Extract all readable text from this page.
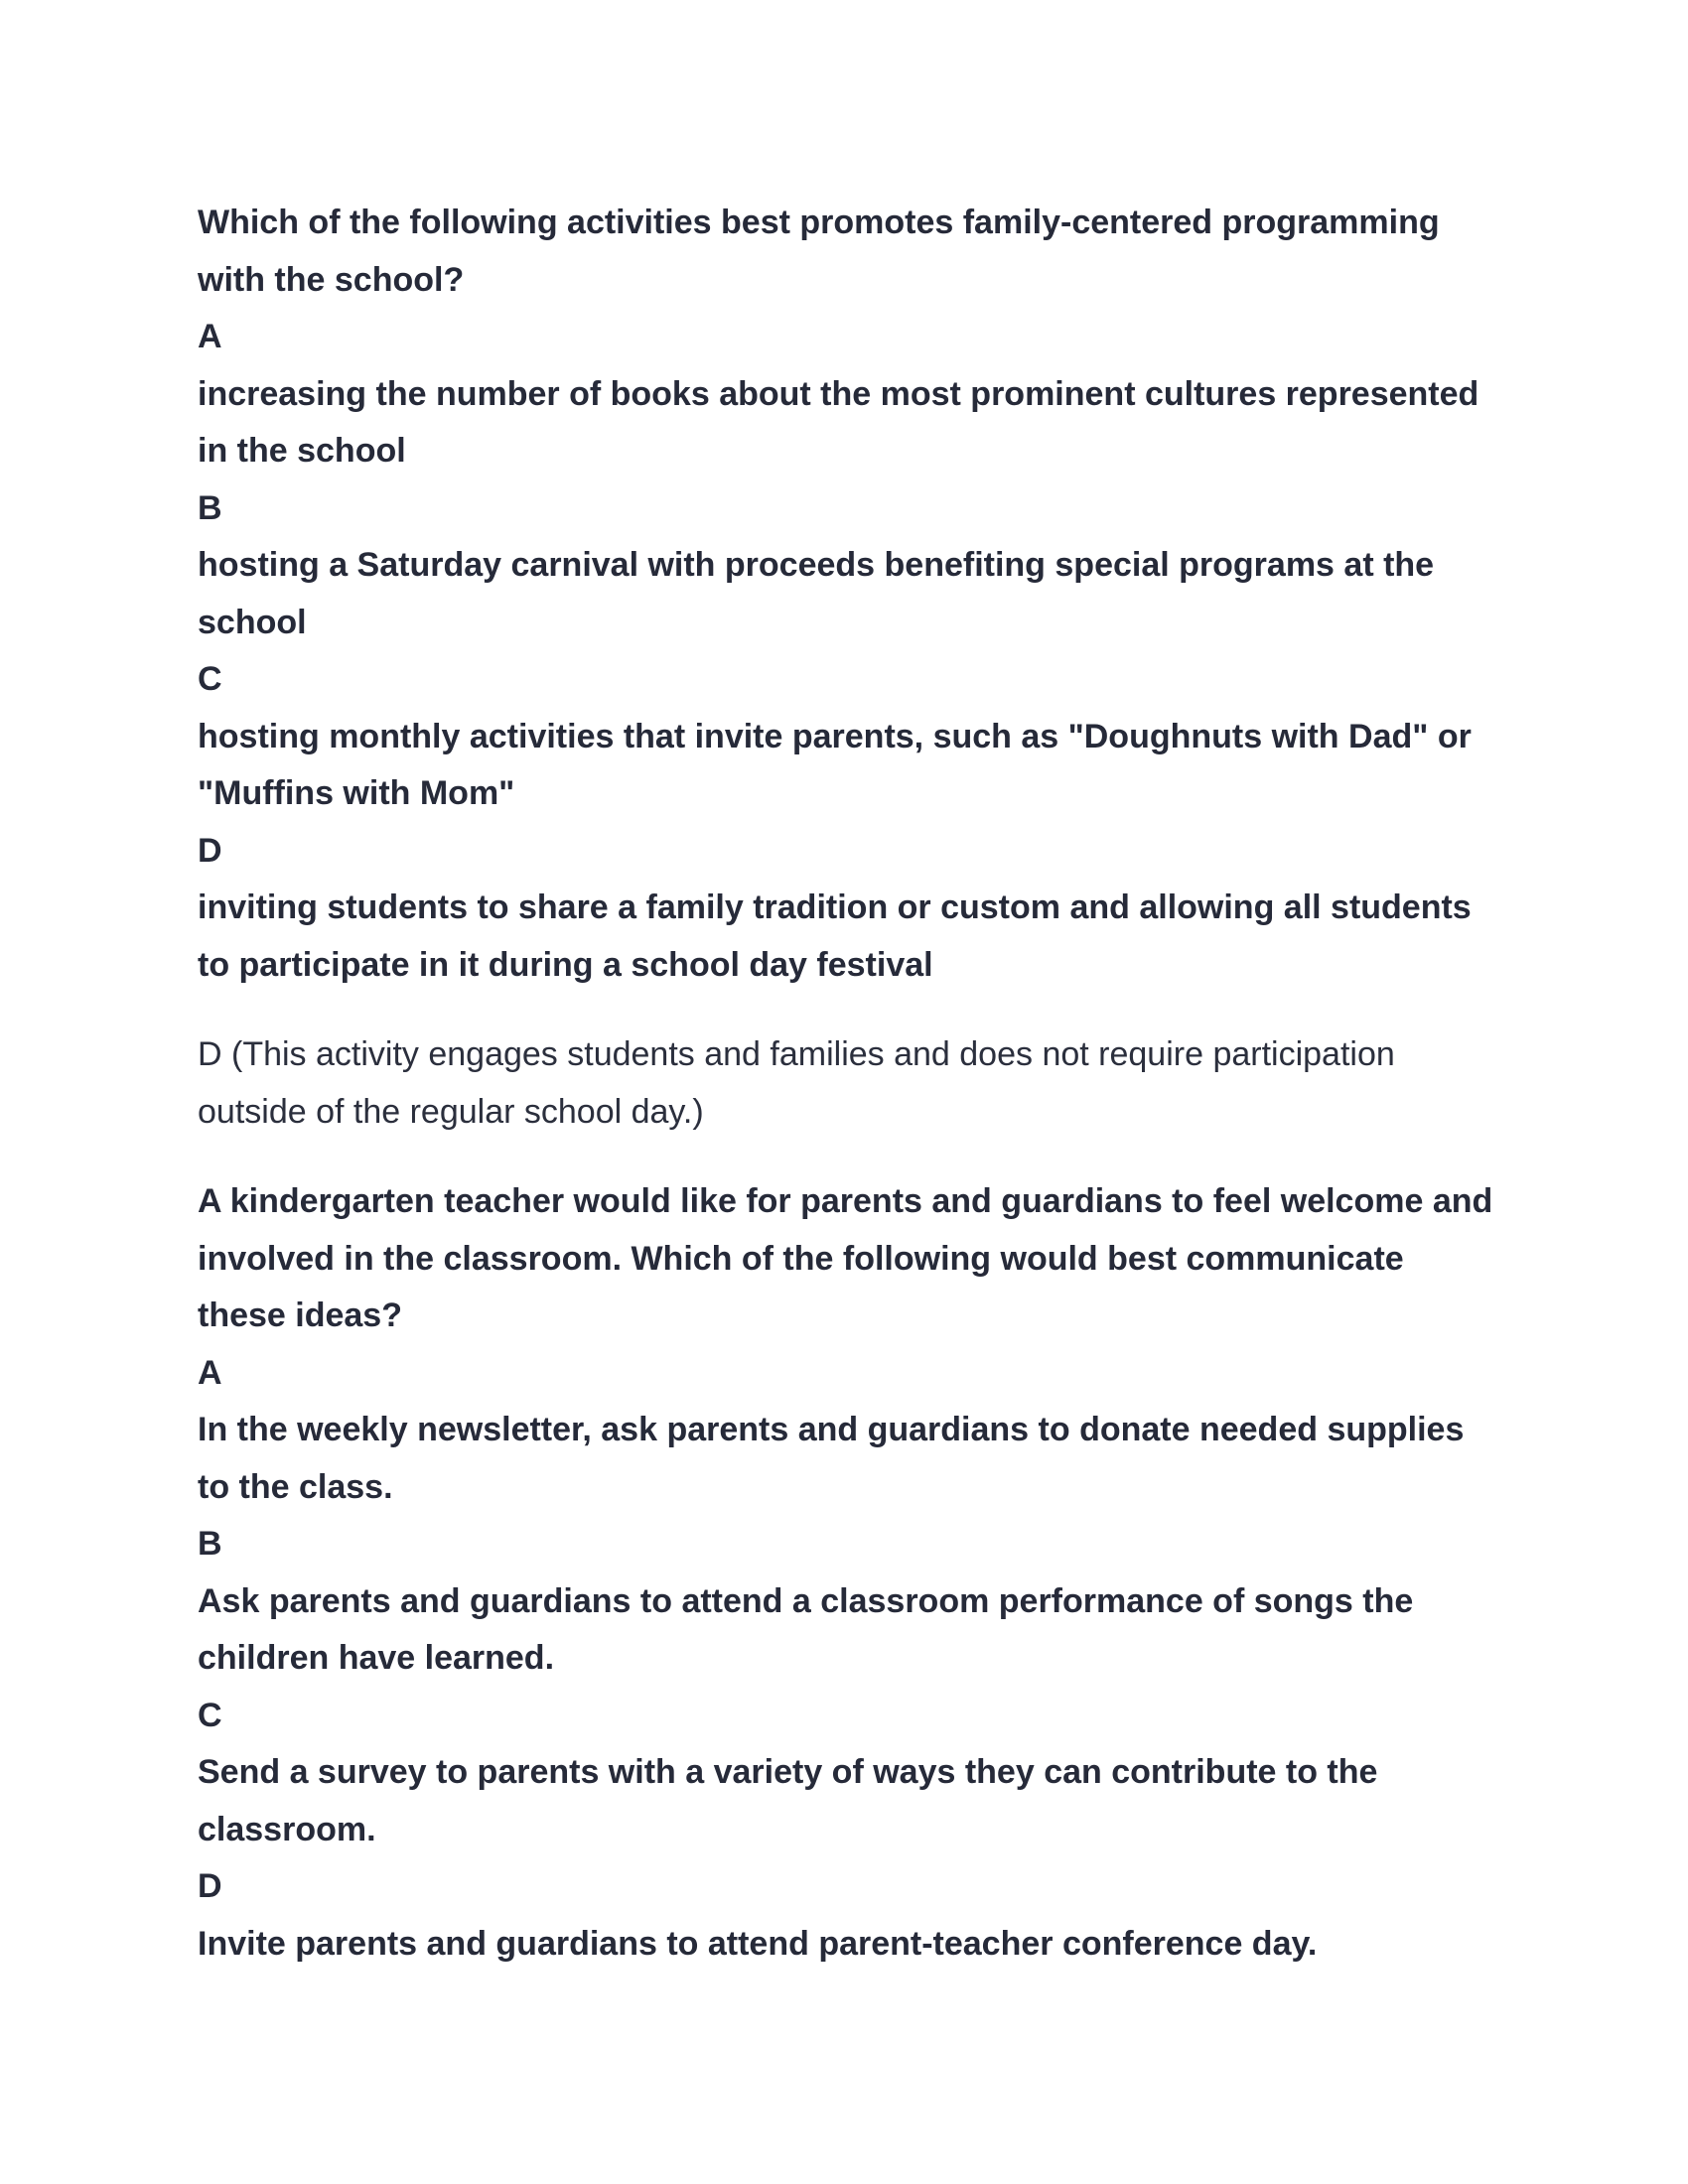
Which of the following activities best promotes family-centered programming with the school?

A

increasing the number of books about the most prominent cultures represented in the school

B

hosting a Saturday carnival with proceeds benefiting special programs at the school

C

hosting monthly activities that invite parents, such as "Doughnuts with Dad" or "Muffins with Mom"

D

inviting students to share a family tradition or custom and allowing all students to participate in it during a school day festival

D (This activity engages students and families and does not require participation outside of the regular school day.)

A kindergarten teacher would like for parents and guardians to feel welcome and involved in the classroom. Which of the following would best communicate these ideas?

A

In the weekly newsletter, ask parents and guardians to donate needed supplies to the class.

B

Ask parents and guardians to attend a classroom performance of songs the children have learned.

C

Send a survey to parents with a variety of ways they can contribute to the classroom.

D

Invite parents and guardians to attend parent-teacher conference day.
